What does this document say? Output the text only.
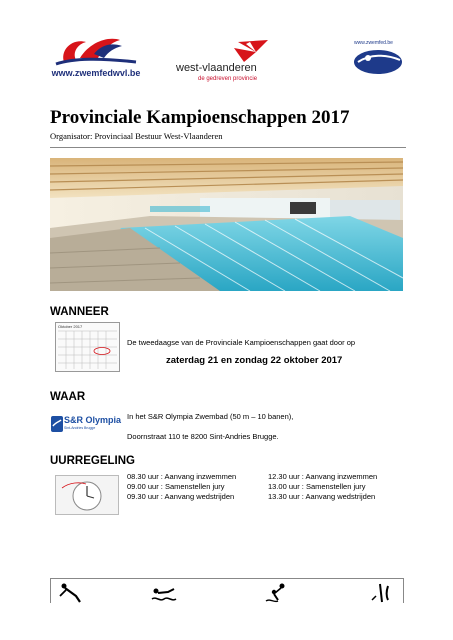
www.zwemfedwvl.be	west-vlaanderen
de gedreven provincie
www.zwemfed.be
Provinciale Kampioenschappen 2017
Organisator: Provinciaal Bestuur West-Vlaanderen
WANNEER
Oktober 2017
De tweedaagse van de Provinciale Kampioenschappen gaat door op
zaterdag 21 en zondag 22 oktober 2017
WAAR
S&R Olympia
Sint-Andries Brugge
In het S&R Olympia Zwembad (50 m – 10 banen),
Doornstraat 110 te 8200 Sint-Andries Brugge.
UURREGELING
08.30 uur : Aanvang inzwemmen
09.00 uur : Samenstellen jury
09.30 uur : Aanvang wedstrijden
12.30 uur : Aanvang inzwemmen
13.00 uur : Samenstellen jury
13.30 uur : Aanvang wedstrijden
